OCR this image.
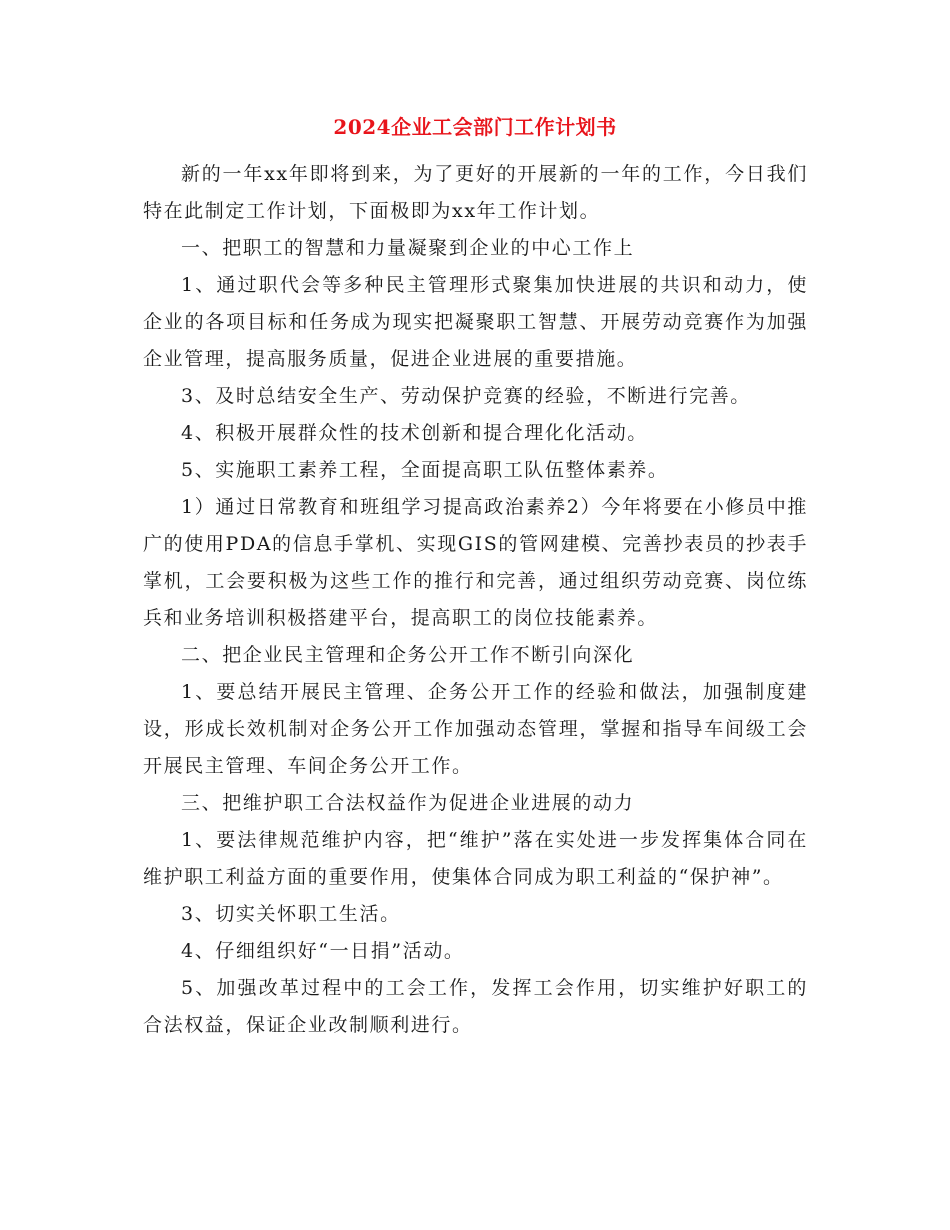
2024企业工会部门工作计划书

新的一年xx年即将到来，为了更好的开展新的一年的工作，今日我们特在此制定工作计划，下面极即为xx年工作计划。

一、把职工的智慧和力量凝聚到企业的中心工作上

1、通过职代会等多种民主管理形式聚集加快进展的共识和动力，使企业的各项目标和任务成为现实把凝聚职工智慧、开展劳动竞赛作为加强企业管理，提高服务质量，促进企业进展的重要措施。

3、及时总结安全生产、劳动保护竞赛的经验，不断进行完善。

4、积极开展群众性的技术创新和提合理化化活动。

5、实施职工素养工程，全面提高职工队伍整体素养。

1）通过日常教育和班组学习提高政治素养2）今年将要在小修员中推广的使用PDA的信息手掌机、实现GIS的管网建模、完善抄表员的抄表手掌机，工会要积极为这些工作的推行和完善，通过组织劳动竞赛、岗位练兵和业务培训积极搭建平台，提高职工的岗位技能素养。

二、把企业民主管理和企务公开工作不断引向深化

1、要总结开展民主管理、企务公开工作的经验和做法，加强制度建设，形成长效机制对企务公开工作加强动态管理，掌握和指导车间级工会开展民主管理、车间企务公开工作。

三、把维护职工合法权益作为促进企业进展的动力

1、要法律规范维护内容，把“维护”落在实处进一步发挥集体合同在维护职工利益方面的重要作用，使集体合同成为职工利益的“保护神”。

3、切实关怀职工生活。

4、仔细组织好“一日捐”活动。

5、加强改革过程中的工会工作，发挥工会作用，切实维护好职工的合法权益，保证企业改制顺利进行。
